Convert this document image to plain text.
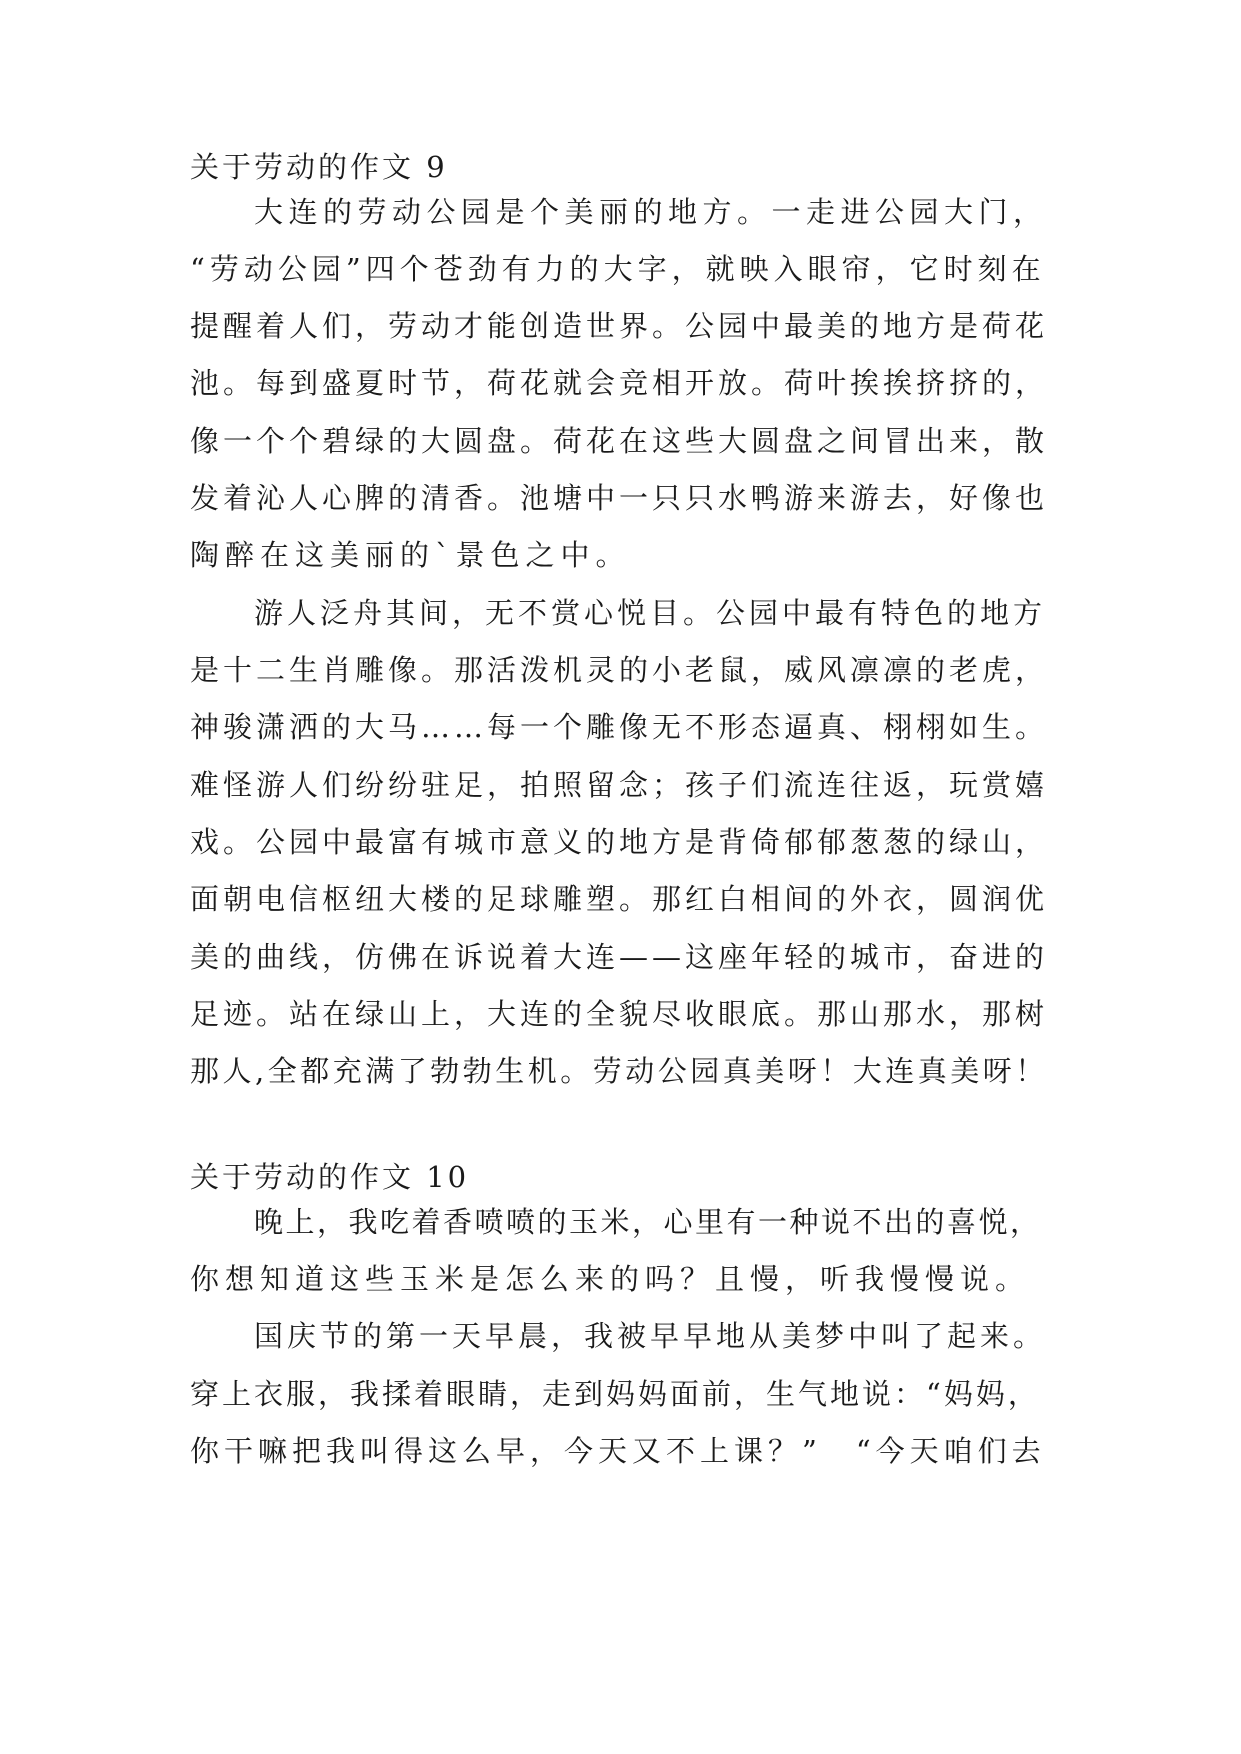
关于劳动的作文 9

大连的劳动公园是个美丽的地方。一走进公园大门，

“劳动公园”四个苍劲有力的大字，就映入眼帘，它时刻在

提醒着人们，劳动才能创造世界。公园中最美的地方是荷花

池。每到盛夏时节，荷花就会竞相开放。荷叶挨挨挤挤的，

像一个个碧绿的大圆盘。荷花在这些大圆盘之间冒出来，散

发着沁人心脾的清香。池塘中一只只水鸭游来游去，好像也

陶醉在这美丽的`景色之中。

游人泛舟其间，无不赏心悦目。公园中最有特色的地方

是十二生肖雕像。那活泼机灵的小老鼠，威风凛凛的老虎，

神骏潇洒的大马……每一个雕像无不形态逼真、栩栩如生。

难怪游人们纷纷驻足，拍照留念；孩子们流连往返，玩赏嬉

戏。公园中最富有城市意义的地方是背倚郁郁葱葱的绿山，

面朝电信枢纽大楼的足球雕塑。那红白相间的外衣，圆润优

美的曲线，仿佛在诉说着大连——这座年轻的城市，奋进的

足迹。站在绿山上，大连的全貌尽收眼底。那山那水，那树

那人,全都充满了勃勃生机。劳动公园真美呀！大连真美呀！

关于劳动的作文 10

晚上，我吃着香喷喷的玉米，心里有一种说不出的喜悦，

你想知道这些玉米是怎么来的吗？且慢，听我慢慢说。

国庆节的第一天早晨，我被早早地从美梦中叫了起来。

穿上衣服，我揉着眼睛，走到妈妈面前，生气地说：“妈妈，

你干嘛把我叫得这么早，今天又不上课？”　“今天咱们去
